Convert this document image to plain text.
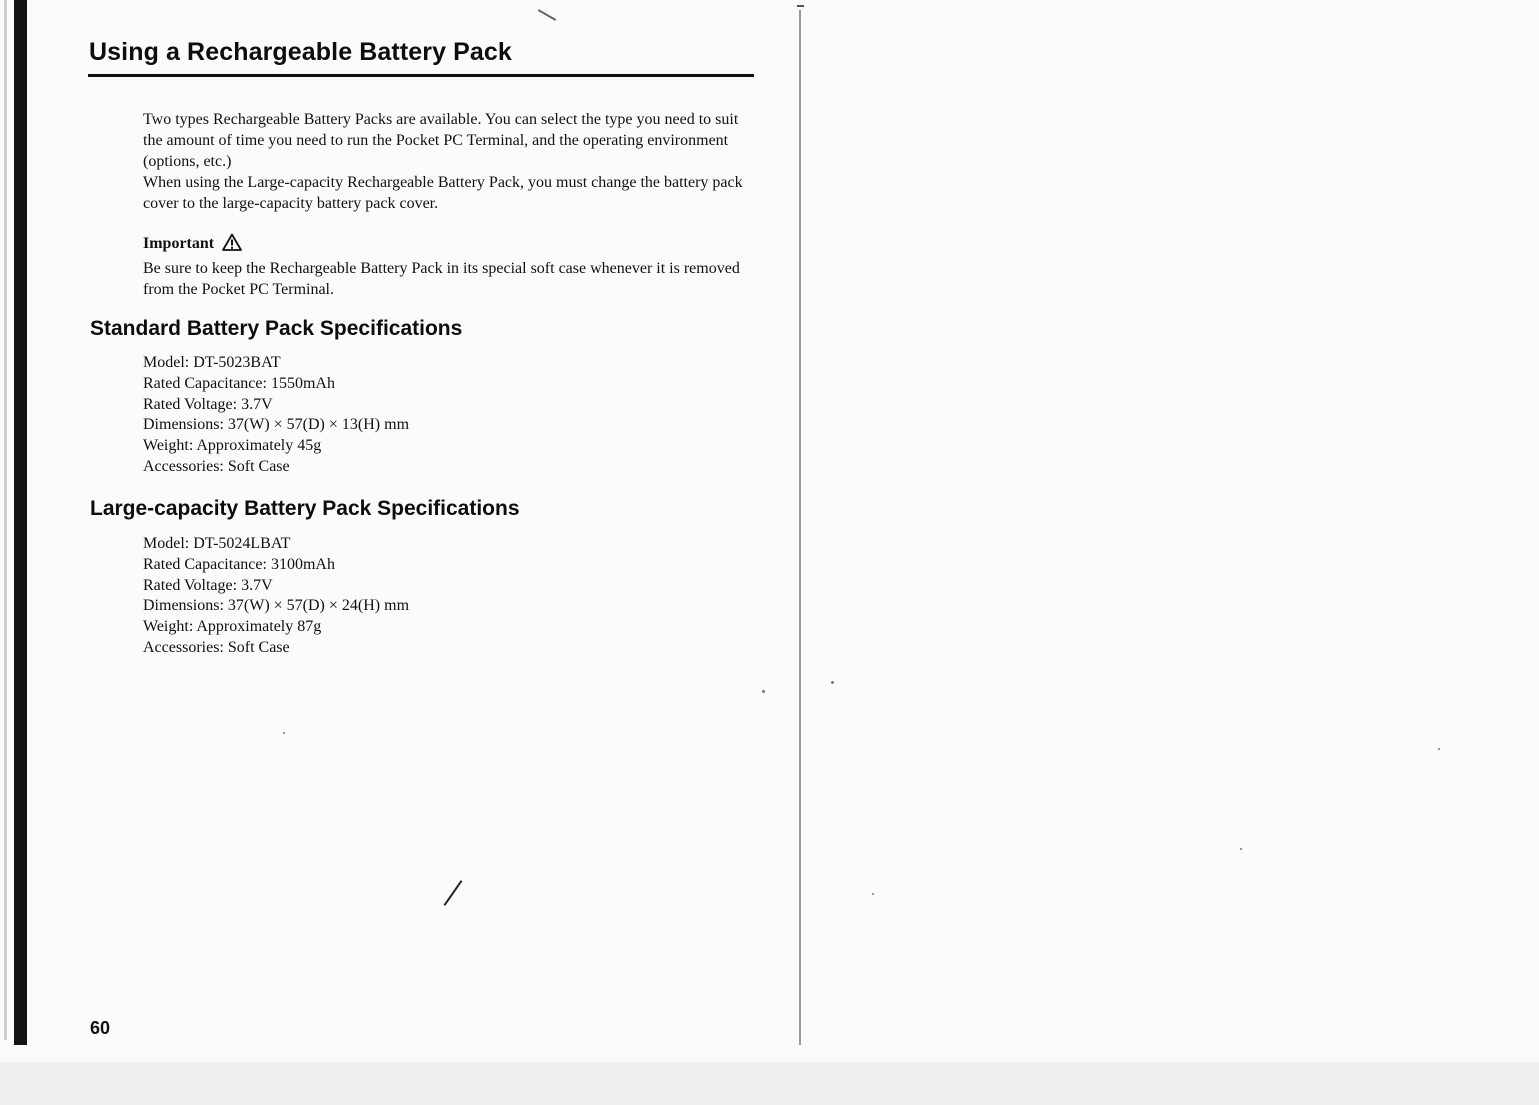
Using a Rechargeable Battery Pack

Two types Rechargeable Battery Packs are available. You can select the type you need to suit the amount of time you need to run the Pocket PC Terminal, and the operating environment (options, etc.)

When using the Large-capacity Rechargeable Battery Pack, you must change the battery pack cover to the large-capacity battery pack cover.

Important

Be sure to keep the Rechargeable Battery Pack in its special soft case whenever it is removed from the Pocket PC Terminal.

Standard Battery Pack Specifications
Model: DT-5023BAT
Rated Capacitance: 1550mAh
Rated Voltage: 3.7V
Dimensions: 37(W) × 57(D) × 13(H) mm
Weight: Approximately 45g
Accessories: Soft Case
Large-capacity Battery Pack Specifications
Model: DT-5024LBAT
Rated Capacitance: 3100mAh
Rated Voltage: 3.7V
Dimensions: 37(W) × 57(D) × 24(H) mm
Weight: Approximately 87g
Accessories: Soft Case
60
